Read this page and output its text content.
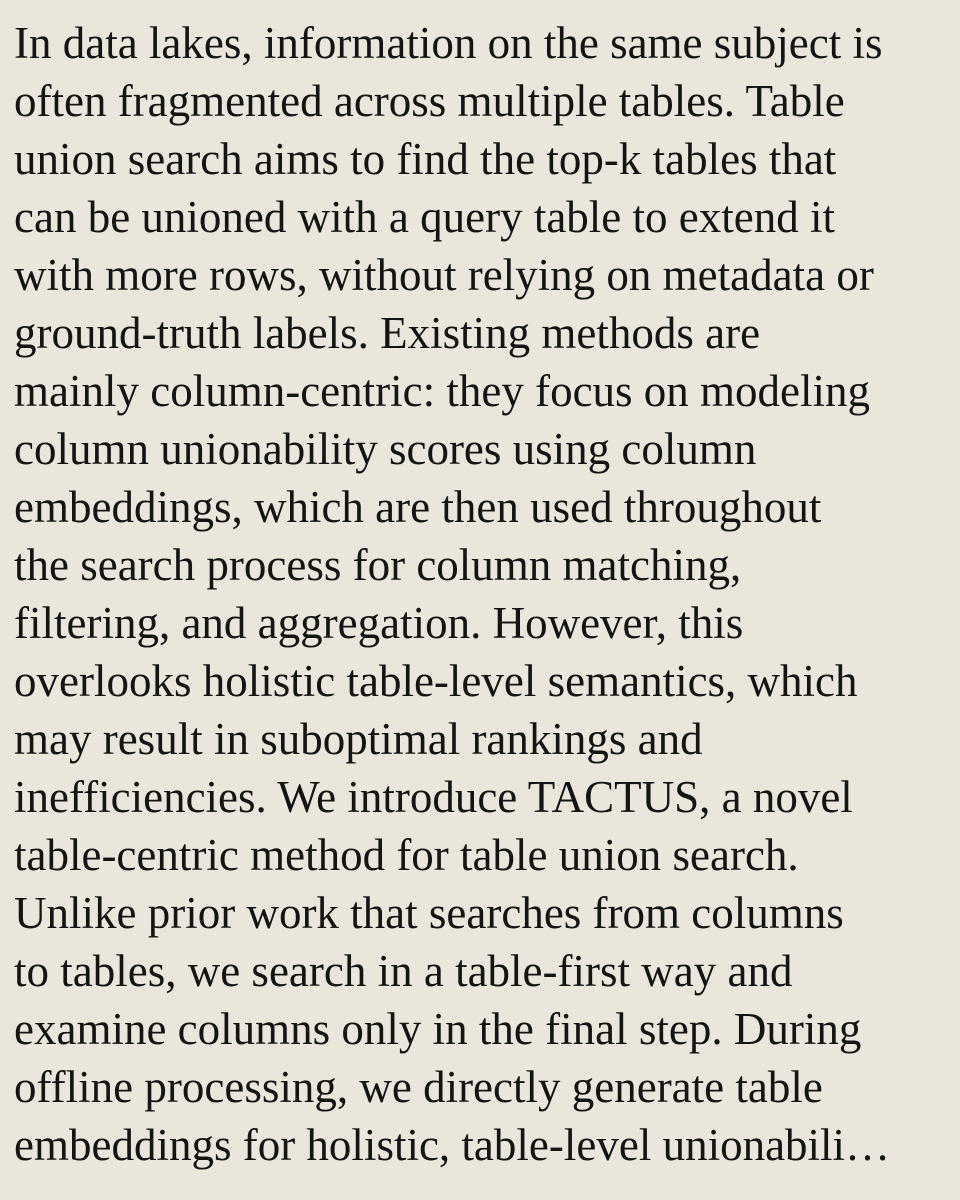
In data lakes, information on the same subject is
often fragmented across multiple tables. Table
union search aims to find the top-k tables that
can be unioned with a query table to extend it
with more rows, without relying on metadata or
ground-truth labels. Existing methods are
mainly column-centric: they focus on modeling
column unionability scores using column
embeddings, which are then used throughout
the search process for column matching,
filtering, and aggregation. However, this
overlooks holistic table-level semantics, which
may result in suboptimal rankings and
inefficiencies. We introduce TACTUS, a novel
table-centric method for table union search.
Unlike prior work that searches from columns
to tables, we search in a table-first way and
examine columns only in the final step. During
offline processing, we directly generate table
embeddings for holistic, table-level unionabili…
